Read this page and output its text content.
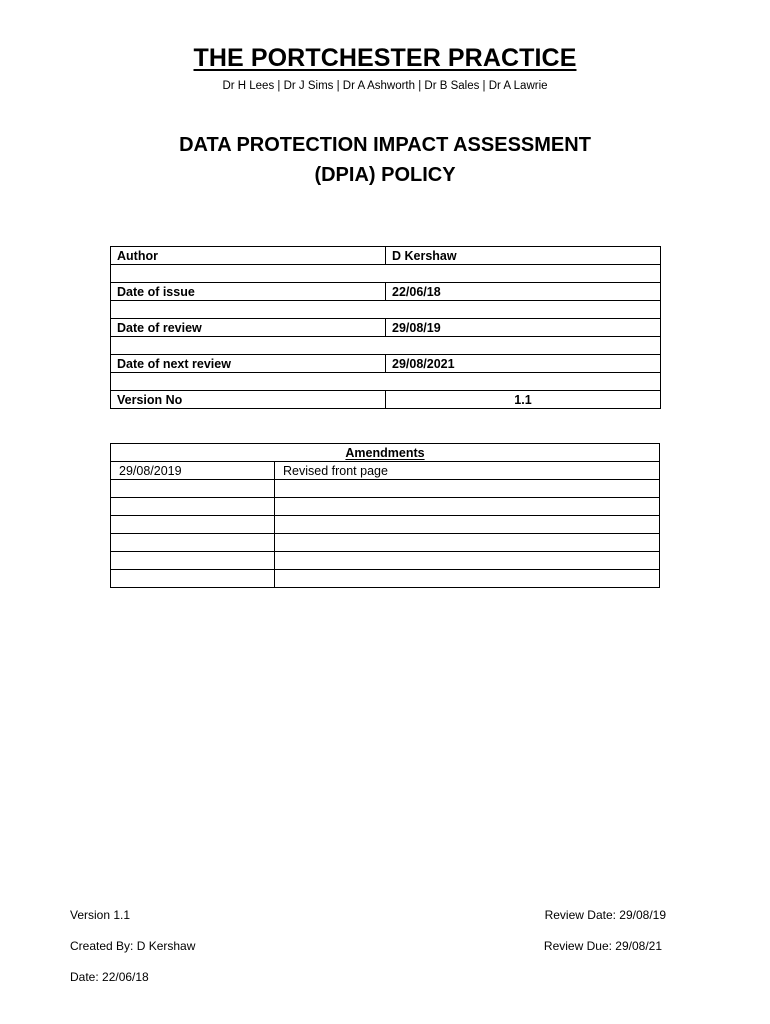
THE PORTCHESTER PRACTICE
Dr H Lees | Dr J Sims | Dr A Ashworth | Dr B Sales | Dr A Lawrie
DATA PROTECTION IMPACT ASSESSMENT
(DPIA) POLICY
Author	D Kershaw

Date of issue	22/06/18

Date of review	29/08/19

Date of next review	29/08/2021

Version No	1.1
Amendments	
29/08/2019	Revised front page

Version 1.1
Created By: D Kershaw
Date: 22/06/18
Review Date: 29/08/19
Review Due: 29/08/21
